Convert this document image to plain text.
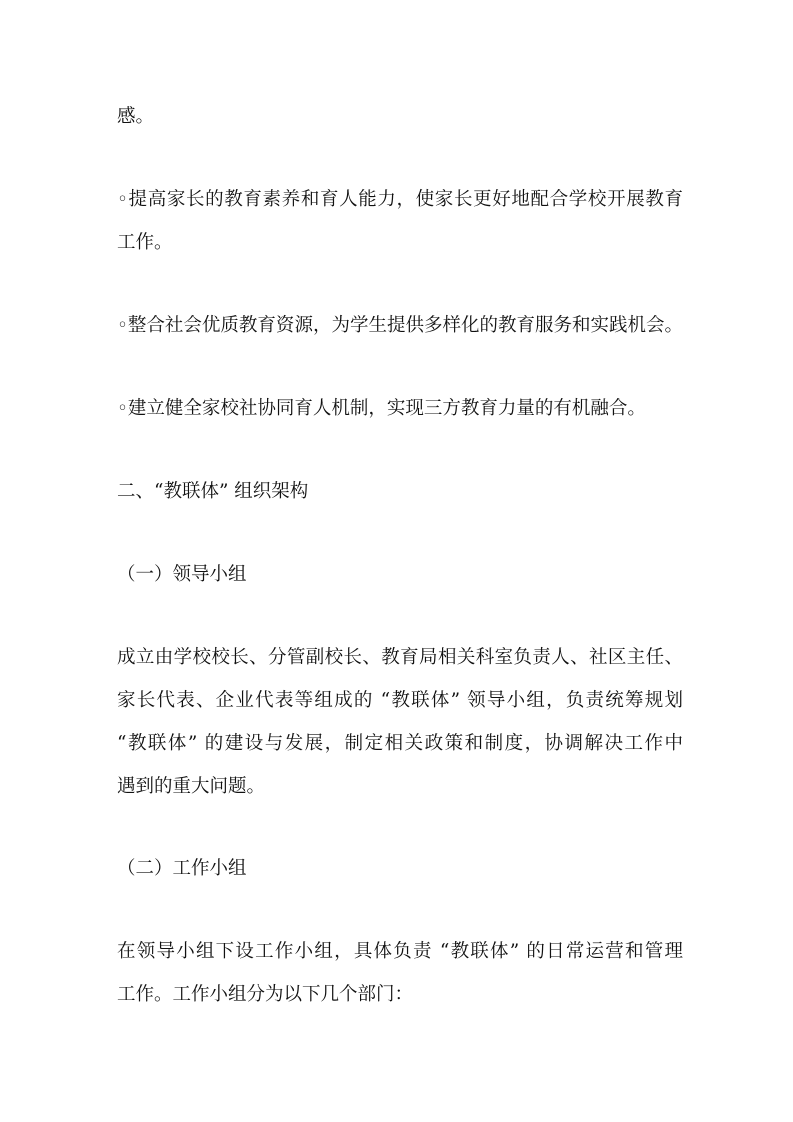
感。
◦提高家长的教育素养和育人能力，使家长更好地配合学校开展教育
工作。
◦整合社会优质教育资源，为学生提供多样化的教育服务和实践机会。
◦建立健全家校社协同育人机制，实现三方教育力量的有机融合。
二、“教联体” 组织架构
（一）领导小组
成立由学校校长、分管副校长、教育局相关科室负责人、社区主任、
家长代表、企业代表等组成的 “教联体” 领导小组，负责统筹规划
“教联体” 的建设与发展，制定相关政策和制度，协调解决工作中
遇到的重大问题。
（二）工作小组
在领导小组下设工作小组，具体负责 “教联体” 的日常运营和管理
工作。工作小组分为以下几个部门：
